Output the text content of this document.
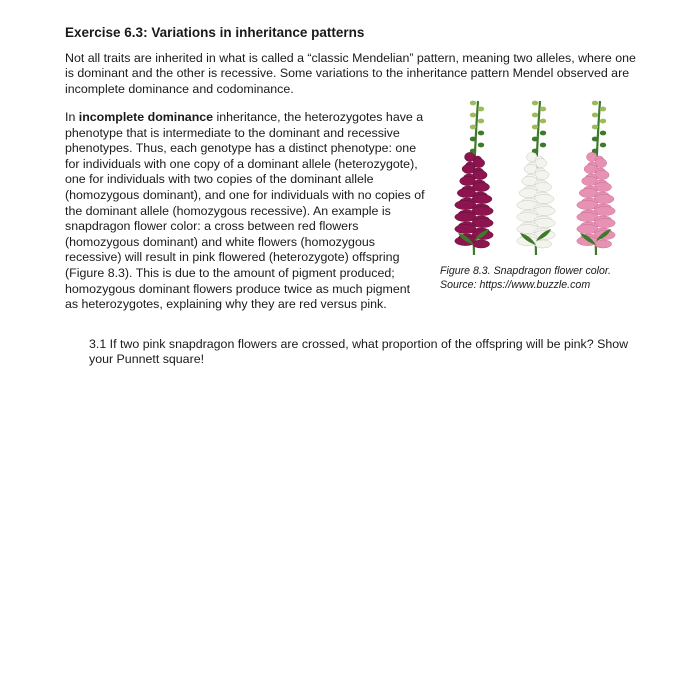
Exercise 6.3: Variations in inheritance patterns

Not all traits are inherited in what is called a “classic Mendelian” pattern, meaning two alleles, where one is dominant and the other is recessive. Some variations to the inheritance pattern Mendel observed are incomplete dominance and codominance.

In incomplete dominance inheritance, the heterozygotes have a phenotype that is intermediate to the dominant and recessive phenotypes. Thus, each genotype has a distinct phenotype: one for individuals with one copy of a dominant allele (heterozygote), one for individuals with two copies of the dominant allele (homozygous dominant), and one for individuals with no copies of the dominant allele (homozygous recessive). An example is snapdragon flower color: a cross between red flowers (homozygous dominant) and white flowers (homozygous recessive) will result in pink flowered (heterozygote) offspring (Figure 8.3). This is due to the amount of pigment produced; homozygous dominant flowers produce twice as much pigment as heterozygotes, explaining why they are red versus pink.

Figure 8.3. Snapdragon flower color.
Source: https://www.buzzle.com

3.1 If two pink snapdragon flowers are crossed, what proportion of the offspring will be pink? Show your Punnett square!
